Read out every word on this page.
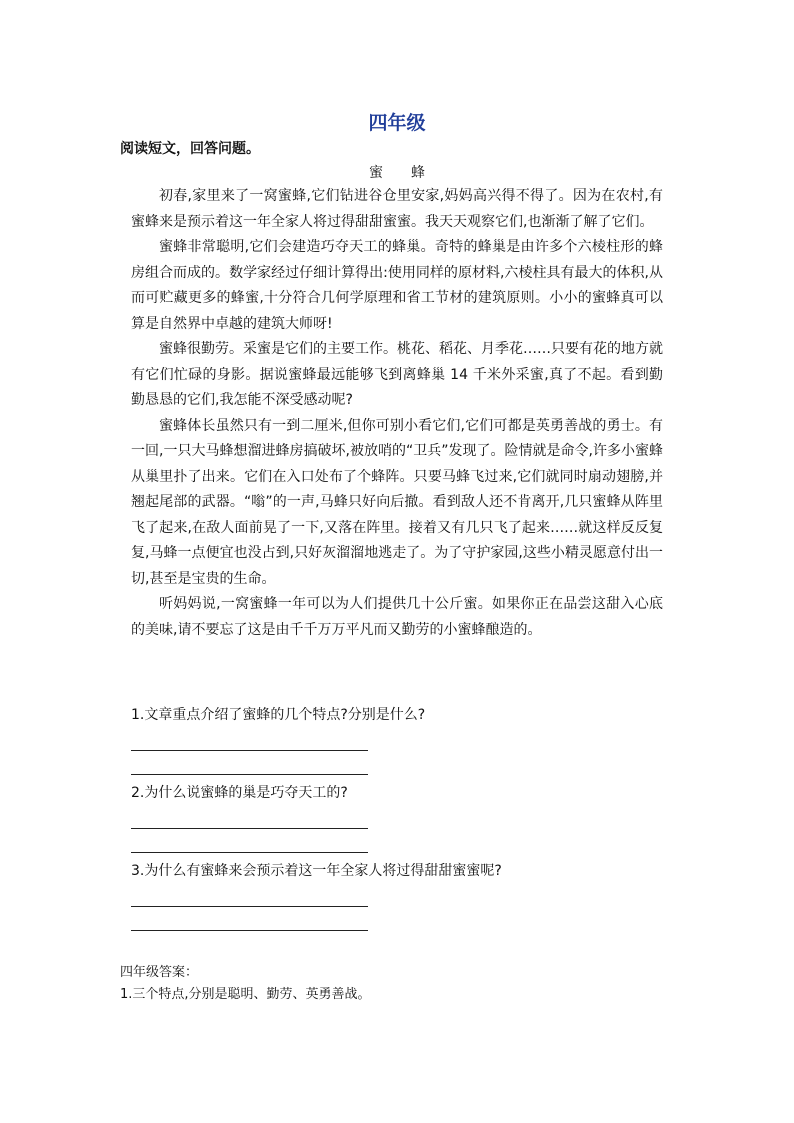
四年级
阅读短文，回答问题。
蜜 蜂

初春,家里来了一窝蜜蜂,它们钻进谷仓里安家,妈妈高兴得不得了。因为在农村,有蜜蜂来是预示着这一年全家人将过得甜甜蜜蜜。我天天观察它们,也渐渐了解了它们。

蜜蜂非常聪明,它们会建造巧夺天工的蜂巢。奇特的蜂巢是由许多个六棱柱形的蜂房组合而成的。数学家经过仔细计算得出:使用同样的原材料,六棱柱具有最大的体积,从而可贮藏更多的蜂蜜,十分符合几何学原理和省工节材的建筑原则。小小的蜜蜂真可以算是自然界中卓越的建筑大师呀!

蜜蜂很勤劳。采蜜是它们的主要工作。桃花、稻花、月季花……只要有花的地方就有它们忙碌的身影。据说蜜蜂最远能够飞到离蜂巢 14 千米外采蜜,真了不起。看到勤勤恳恳的它们,我怎能不深受感动呢?

蜜蜂体长虽然只有一到二厘米,但你可别小看它们,它们可都是英勇善战的勇士。有一回,一只大马蜂想溜进蜂房搞破坏,被放哨的“卫兵”发现了。险情就是命令,许多小蜜蜂从巢里扑了出来。它们在入口处布了个蜂阵。只要马蜂飞过来,它们就同时扇动翅膀,并翘起尾部的武器。“嗡”的一声,马蜂只好向后撤。看到敌人还不肯离开,几只蜜蜂从阵里飞了起来,在敌人面前晃了一下,又落在阵里。接着又有几只飞了起来……就这样反反复复,马蜂一点便宜也没占到,只好灰溜溜地逃走了。为了守护家园,这些小精灵愿意付出一切,甚至是宝贵的生命。

听妈妈说,一窝蜜蜂一年可以为人们提供几十公斤蜜。如果你正在品尝这甜入心底的美味,请不要忘了这是由千千万万平凡而又勤劳的小蜜蜂酿造的。

1.文章重点介绍了蜜蜂的几个特点?分别是什么?
2.为什么说蜜蜂的巢是巧夺天工的?
3.为什么有蜜蜂来会预示着这一年全家人将过得甜甜蜜蜜呢?
四年级答案：
1.三个特点,分别是聪明、勤劳、英勇善战。
